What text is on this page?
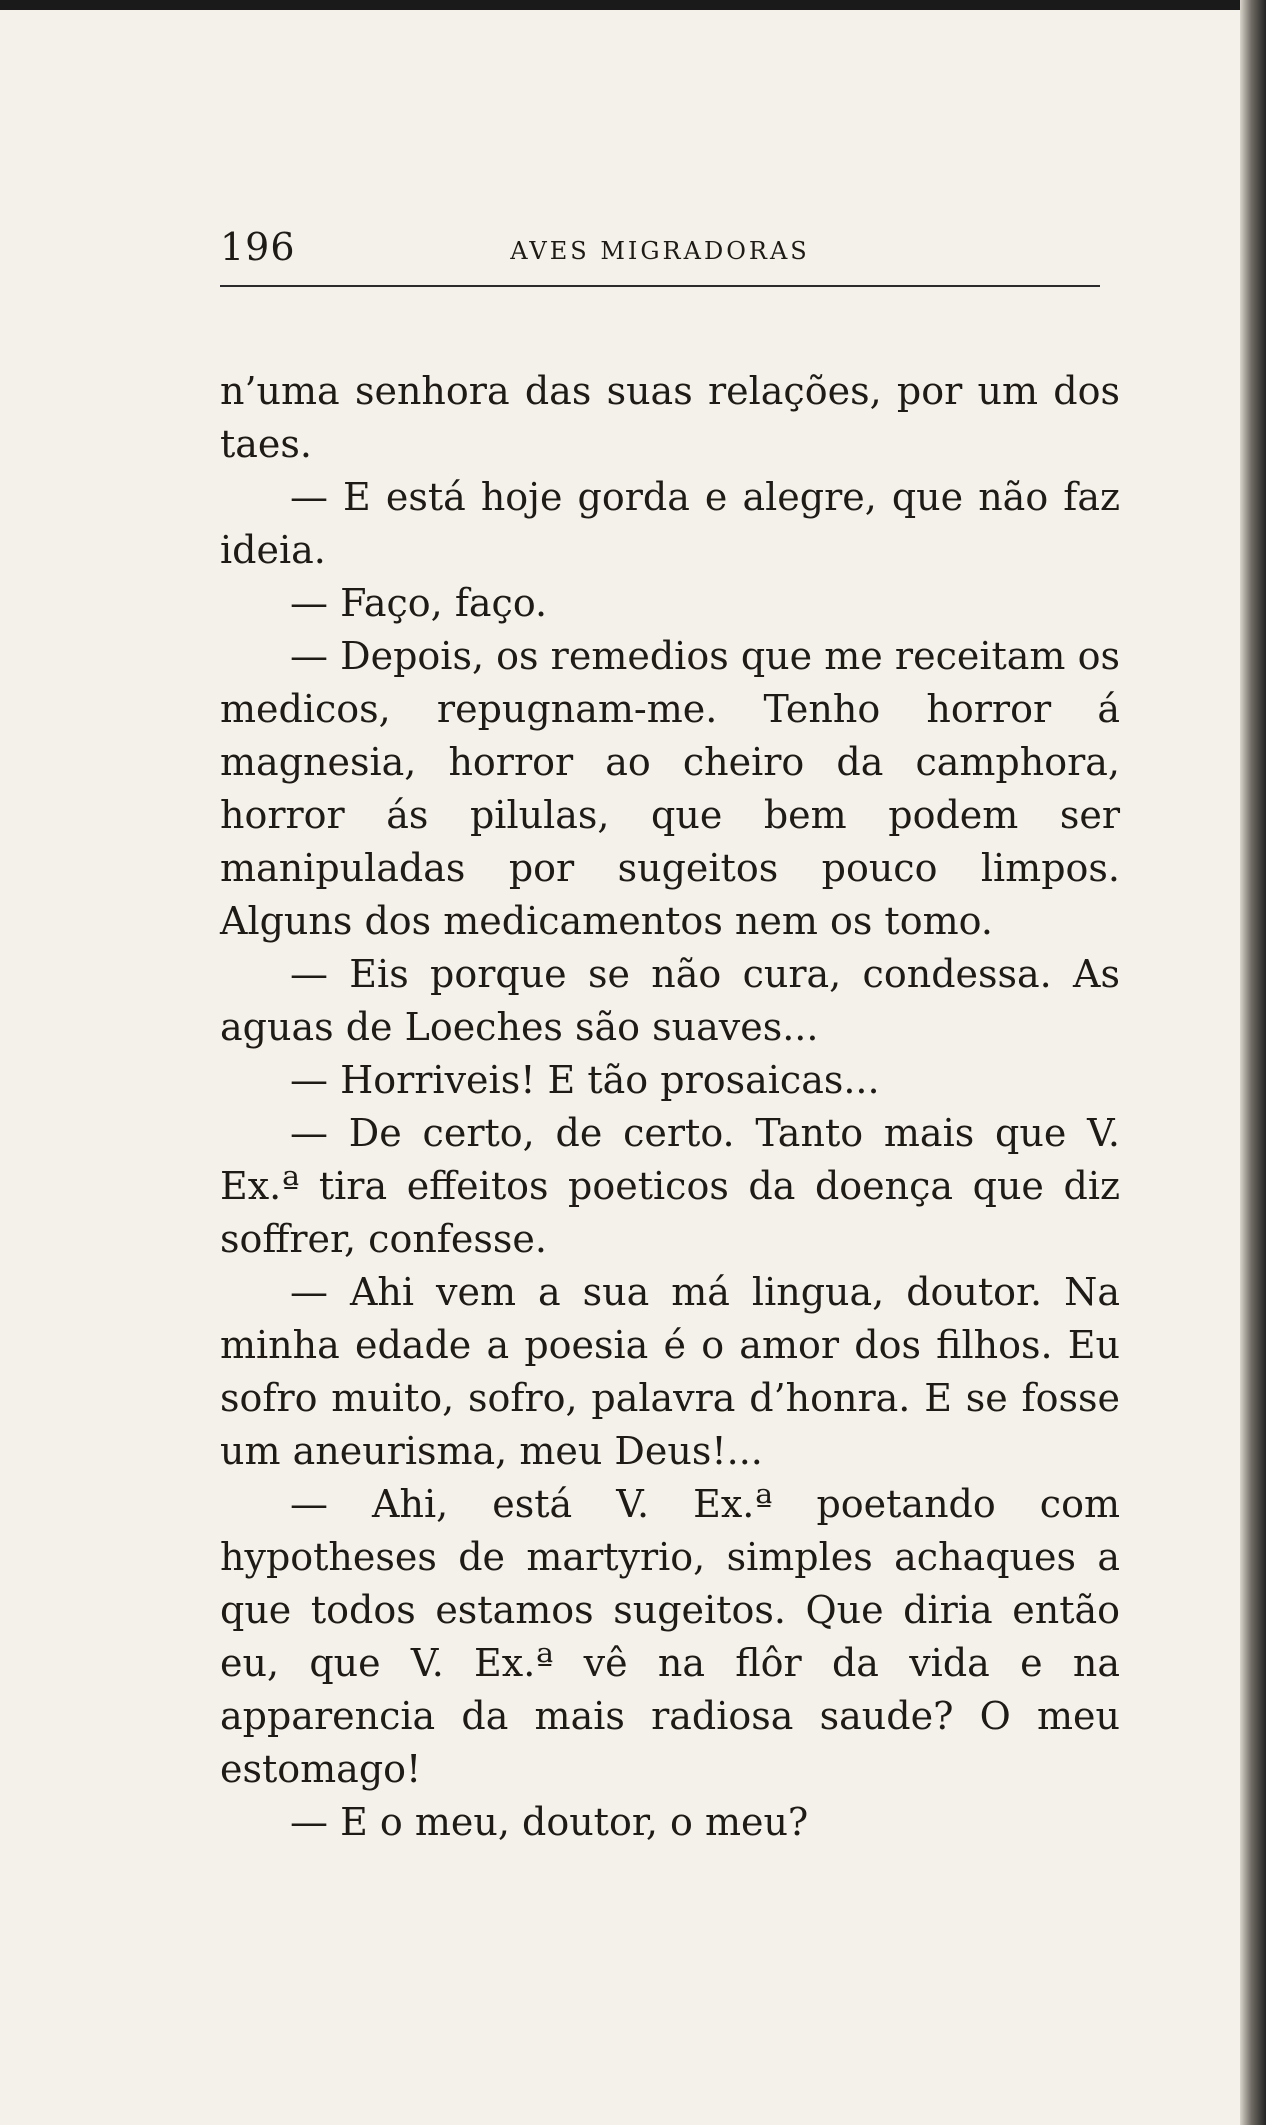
196	AVES MIGRADORAS

n’uma senhora das suas relações, por um dos taes.

— E está hoje gorda e alegre, que não faz ideia.

— Faço, faço.

— Depois, os remedios que me receitam os medicos, repugnam-me. Tenho horror á magnesia, horror ao cheiro da camphora, horror ás pilulas, que bem podem ser manipuladas por sugeitos pouco limpos. Alguns dos medicamentos nem os tomo.

— Eis porque se não cura, condessa. As aguas de Loeches são suaves...

— Horriveis! E tão prosaicas...

— De certo, de certo. Tanto mais que V. Ex.ª tira effeitos poeticos da doença que diz soffrer, confesse.

— Ahi vem a sua má lingua, doutor. Na minha edade a poesia é o amor dos filhos. Eu sofro muito, sofro, palavra d’honra. E se fosse um aneurisma, meu Deus!...

— Ahi, está V. Ex.ª poetando com hypotheses de martyrio, simples achaques a que todos estamos sugeitos. Que diria então eu, que V. Ex.ª vê na flôr da vida e na apparencia da mais radiosa saude? O meu estomago!

— E o meu, doutor, o meu?
